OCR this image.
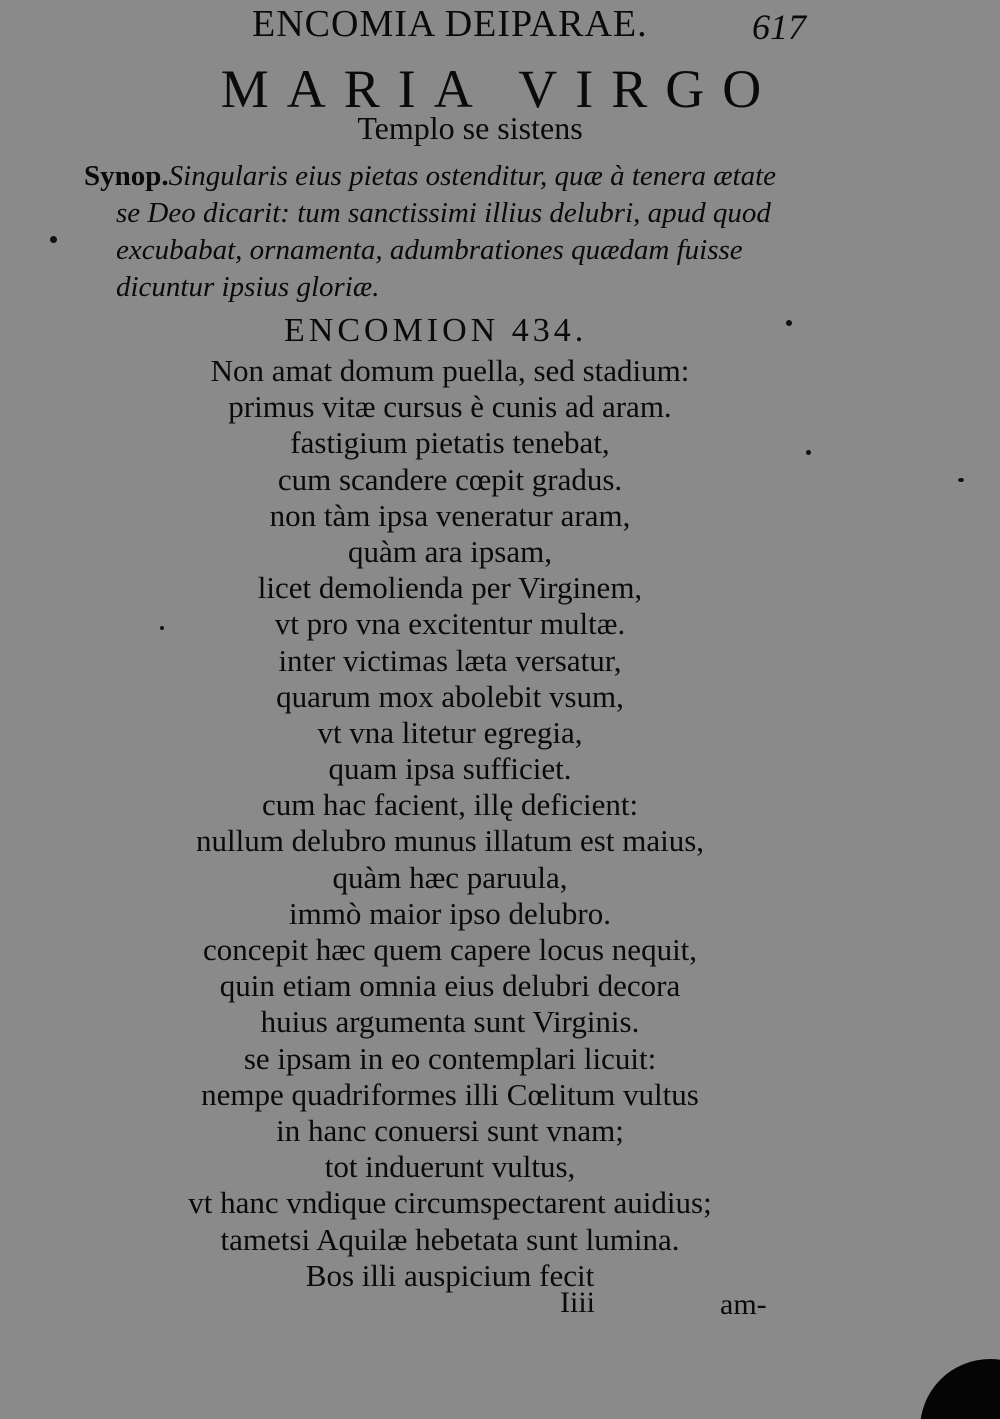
ENCOMIA DEIPARAE.	617
MARIA VIRGO
Templo se sistens
Synop.Singularis eius pietas ostenditur, quæ à tenera ætate
se Deo dicarit: tum sanctissimi illius delubri, apud quod
excubabat, ornamenta, adumbrationes quædam fuisse
dicuntur ipsius gloriæ.
ENCOMION 434.
Non amat domum puella, sed stadium:
primus vitæ cursus è cunis ad aram.
fastigium pietatis tenebat,
cum scandere cœpit gradus.
non tàm ipsa veneratur aram,
quàm ara ipsam,
licet demolienda per Virginem,
vt pro vna excitentur multæ.
inter victimas læta versatur,
quarum mox abolebit vsum,
vt vna litetur egregia,
quam ipsa sufficiet.
cum hac facient, illę deficient:
nullum delubro munus illatum est maius,
quàm hæc paruula,
immò maior ipso delubro.
concepit hæc quem capere locus nequit,
quin etiam omnia eius delubri decora
huius argumenta sunt Virginis.
se ipsam in eo contemplari licuit:
nempe quadriformes illi Cœlitum vultus
in hanc conuersi sunt vnam;
tot induerunt vultus,
vt hanc vndique circumspectarent auidius;
tametsi Aquilæ hebetata sunt lumina.
Bos illi auspicium fecit
Iiii	am-
